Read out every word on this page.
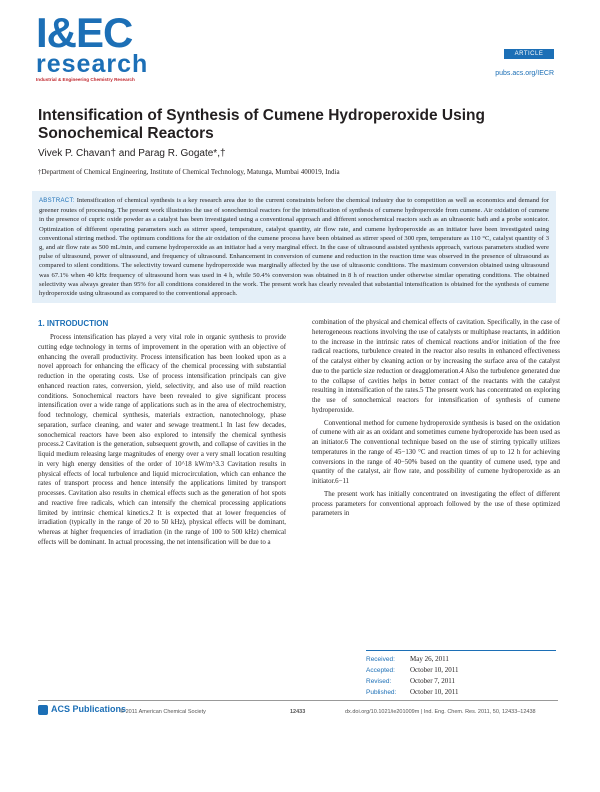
I&EC
research
Industrial & Engineering Chemistry Research
ARTICLE
pubs.acs.org/IECR
Intensification of Synthesis of Cumene Hydroperoxide Using Sonochemical Reactors
Vivek P. Chavan† and Parag R. Gogate*,†
†Department of Chemical Engineering, Institute of Chemical Technology, Matunga, Mumbai 400019, India
ABSTRACT: Intensification of chemical synthesis is a key research area due to the current constraints before the chemical industry due to competition as well as economics and demand for greener routes of processing. The present work illustrates the use of sonochemical reactors for the intensification of synthesis of cumene hydroperoxide from cumene. Air oxidation of cumene in the presence of cupric oxide powder as a catalyst has been investigated using a conventional approach and different sonochemical reactors such as an ultrasonic bath and a probe sonicator. Optimization of different operating parameters such as stirrer speed, temperature, catalyst quantity, air flow rate, and cumene hydroperoxide as an initiator have been investigated using conventional stirring method. The optimum conditions for the air oxidation of the cumene process have been obtained as stirrer speed of 300 rpm, temperature as 110 °C, catalyst quantity of 3 g, and air flow rate as 500 mL/min, and cumene hydroperoxide as an initiator had a very marginal effect. In the case of ultrasound assisted synthesis approach, various parameters studied were pulse of ultrasound, power of ultrasound, and frequency of ultrasound. Enhancement in conversion of cumene and reduction in the reaction time was observed in the presence of ultrasound as compared to silent conditions. The selectivity toward cumene hydroperoxide was marginally affected by the use of ultrasonic conditions. The maximum conversion obtained using ultrasound was 67.1% when 40 kHz frequency of ultrasound horn was used in 4 h, while 50.4% conversion was obtained in 8 h of reaction under otherwise similar operating conditions. The obtained selectivity was always greater than 95% for all conditions considered in the work. The present work has clearly revealed that substantial intensification is obtained for the synthesis of cumene hydroperoxide using ultrasound as compared to the conventional approach.
1. INTRODUCTION

Process intensification has played a very vital role in organic synthesis to provide cutting edge technology in terms of improvement in the operation with an objective of enhancing the overall productivity. Process intensification has been looked upon as a novel approach for enhancing the efficacy of the chemical processing with substantial reduction in the operating costs. Use of process intensification principals can give enhanced reaction rates, conversion, yield, selectivity, and also use of mild reaction conditions. Sonochemical reactors have been revealed to give significant process intensification over a wide range of applications such as in the area of electrochemistry, food technology, chemical synthesis, materials extraction, nanotechnology, phase separation, surface cleaning, and water and sewage treatment.1 In last few decades, sonochemical reactors have been also explored to intensify the chemical synthesis process.2 Cavitation is the generation, subsequent growth, and collapse of cavities in the liquid medium releasing large magnitudes of energy over a very small location resulting in very high energy densities of the order of 10^18 kW/m^3.3 Cavitation results in physical effects of local turbulence and liquid microcirculation, which can enhance the rates of transport process and hence intensify the applications limited by transport processes. Cavitation also results in chemical effects such as the generation of hot spots and reactive free radicals, which can intensify the chemical processing applications limited by intrinsic chemical kinetics.2 It is expected that at lower frequencies of irradiation (typically in the range of 20 to 50 kHz), physical effects will be dominant, whereas at higher frequencies of irradiation (in the range of 100 to 500 kHz) chemical effects will be dominant. In actual processing, the net intensification will be due to a

combination of the physical and chemical effects of cavitation. Specifically, in the case of heterogeneous reactions involving the use of catalysts or multiphase reactants, in addition to the increase in the intrinsic rates of chemical reactions and/or initiation of the free radical reactions, turbulence created in the reactor also results in enhanced effectiveness of the catalyst either by cleaning action or by increasing the surface area of the catalyst due to the particle size reduction or deagglomeration.4 Also the turbulence generated due to the collapse of cavities helps in better contact of the reactants with the catalyst resulting in intensification of the rates.5 The present work has concentrated on exploring the use of sonochemical reactors for intensification of synthesis of cumene hydroperoxide.

Conventional method for cumene hydroperoxide synthesis is based on the oxidation of cumene with air as an oxidant and sometimes cumene hydroperoxide has been used as an initiator.6 The conventional technique based on the use of stirring typically utilizes temperatures in the range of 45−130 °C and reaction times of up to 12 h for achieving conversions in the range of 40−50% based on the quantity of cumene used, type and quantity of the catalyst, air flow rate, and possibility of cumene hydroperoxide as an initiator.6−11

The present work has initially concentrated on investigating the effect of different process parameters for conventional approach followed by the use of these optimized parameters in

Received: May 26, 2011
Accepted: October 10, 2011
Revised:	October 7, 2011
Published: October 10, 2011
ACS Publications
© 2011 American Chemical Society	12433	dx.doi.org/10.1021/ie201009m | Ind. Eng. Chem. Res. 2011, 50, 12433–12438
